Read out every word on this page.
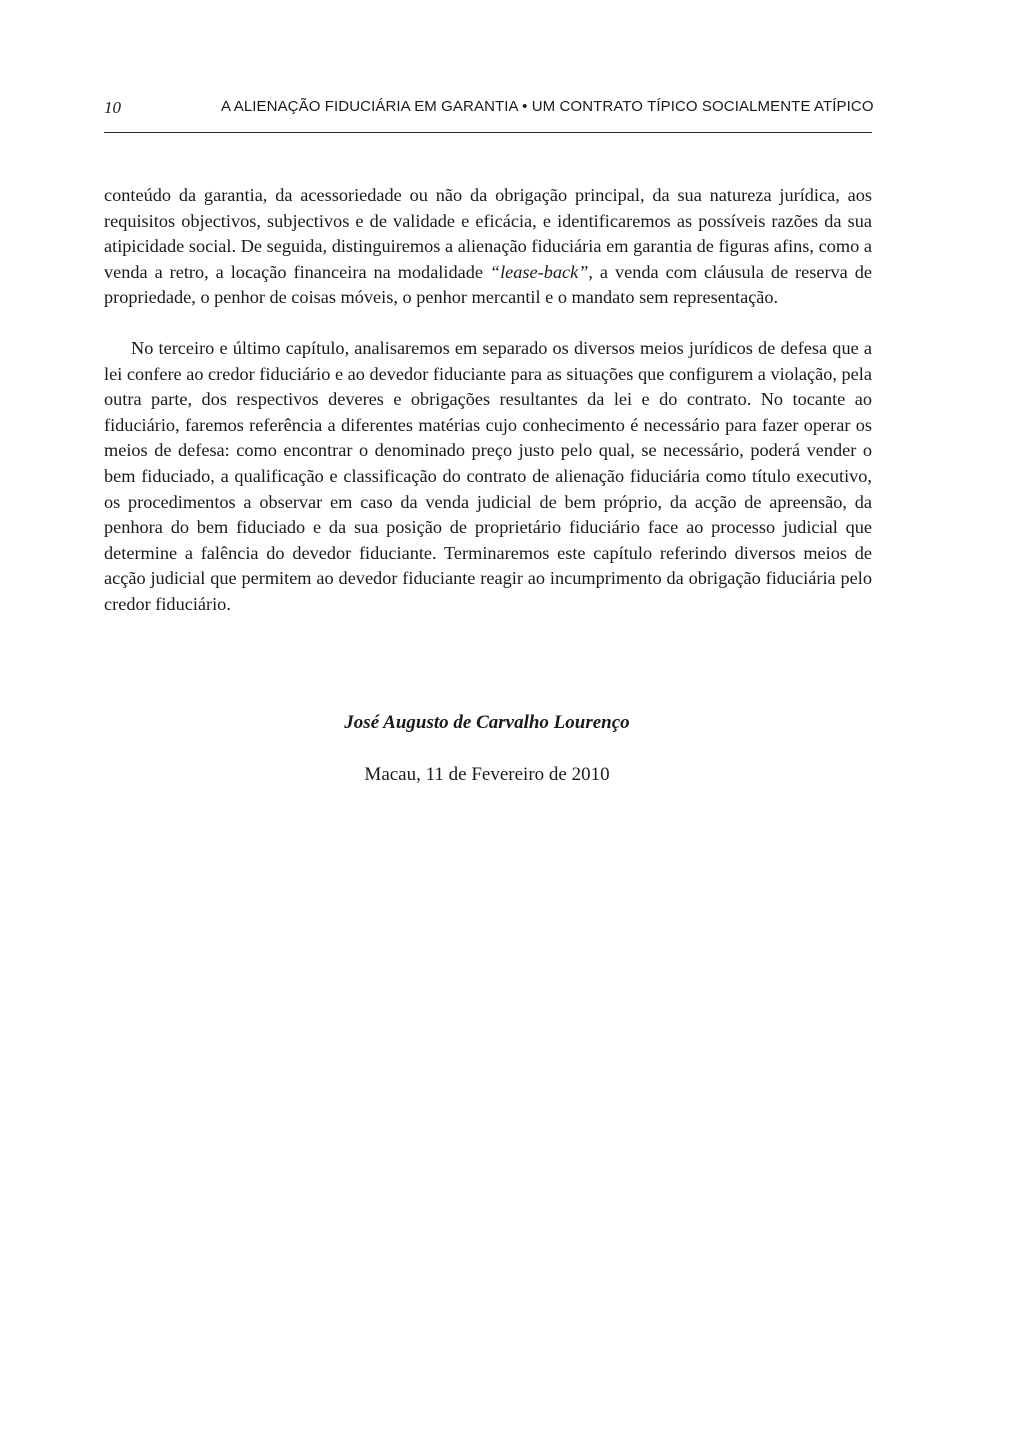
10	A ALIENAÇÃO FIDUCIÁRIA EM GARANTIA • UM CONTRATO TÍPICO SOCIALMENTE ATÍPICO

conteúdo da garantia, da acessoriedade ou não da obrigação principal, da sua natureza jurídica, aos requisitos objectivos, subjectivos e de validade e eficácia, e identificaremos as possíveis razões da sua atipicidade social. De seguida, distinguiremos a alienação fiduciária em garantia de figuras afins, como a venda a retro, a locação financeira na modalidade “lease-back”, a venda com cláusula de reserva de propriedade, o penhor de coisas móveis, o penhor mercantil e o mandato sem representação.

No terceiro e último capítulo, analisaremos em separado os diversos meios jurídicos de defesa que a lei confere ao credor fiduciário e ao devedor fiduciante para as situações que configurem a violação, pela outra parte, dos respectivos deveres e obrigações resultantes da lei e do contrato. No tocante ao fiduciário, faremos referência a diferentes matérias cujo conhecimento é necessário para fazer operar os meios de defesa: como encontrar o denominado preço justo pelo qual, se necessário, poderá vender o bem fiduciado, a qualificação e classificação do contrato de alienação fiduciária como título executivo, os procedimentos a observar em caso da venda judicial de bem próprio, da acção de apreensão, da penhora do bem fiduciado e da sua posição de proprietário fiduciário face ao processo judicial que determine a falência do devedor fiduciante. Terminaremos este capítulo referindo diversos meios de acção judicial que permitem ao devedor fiduciante reagir ao incumprimento da obrigação fiduciária pelo credor fiduciário.

José Augusto de Carvalho Lourenço
Macau, 11 de Fevereiro de 2010
